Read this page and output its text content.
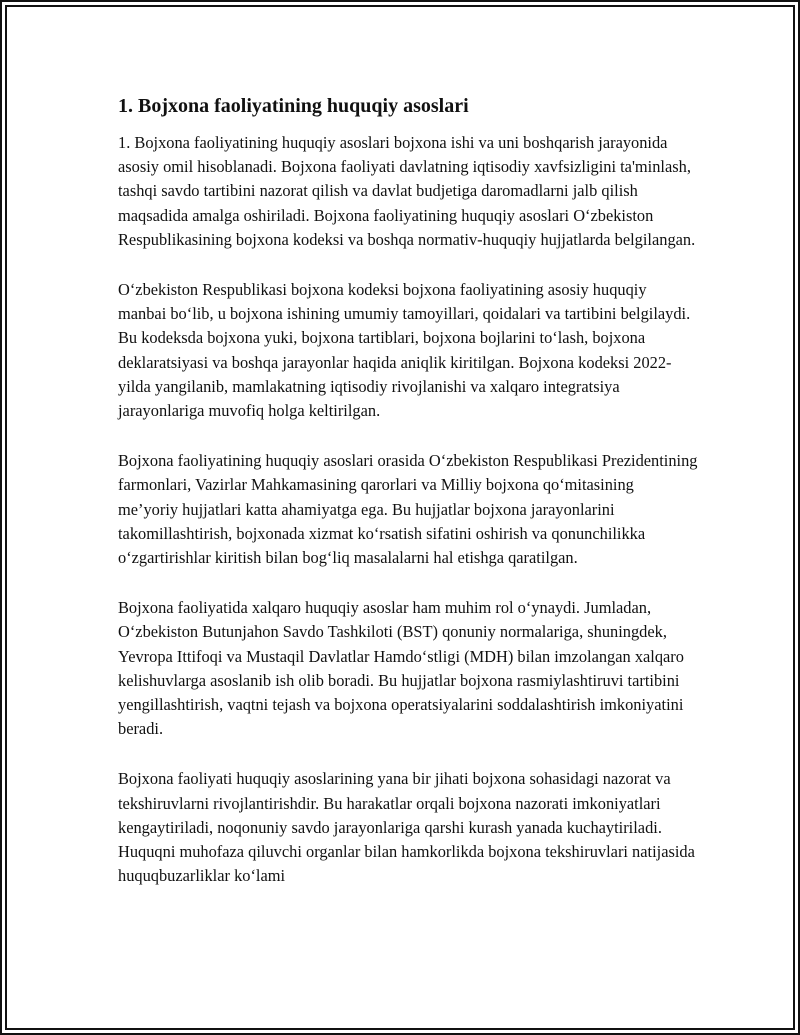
1. Bojxona faoliyatining huquqiy asoslari

1. Bojxona faoliyatining huquqiy asoslari bojxona ishi va uni boshqarish jarayonida asosiy omil hisoblanadi. Bojxona faoliyati davlatning iqtisodiy xavfsizligini ta'minlash, tashqi savdo tartibini nazorat qilish va davlat budjetiga daromadlarni jalb qilish maqsadida amalga oshiriladi. Bojxona faoliyatining huquqiy asoslari O‘zbekiston Respublikasining bojxona kodeksi va boshqa normativ-huquqiy hujjatlarda belgilangan.

O‘zbekiston Respublikasi bojxona kodeksi bojxona faoliyatining asosiy huquqiy manbai bo‘lib, u bojxona ishining umumiy tamoyillari, qoidalari va tartibini belgilaydi. Bu kodeksda bojxona yuki, bojxona tartiblari, bojxona bojlarini to‘lash, bojxona deklaratsiyasi va boshqa jarayonlar haqida aniqlik kiritilgan. Bojxona kodeksi 2022-yilda yangilanib, mamlakatning iqtisodiy rivojlanishi va xalqaro integratsiya jarayonlariga muvofiq holga keltirilgan.

Bojxona faoliyatining huquqiy asoslari orasida O‘zbekiston Respublikasi Prezidentining farmonlari, Vazirlar Mahkamasining qarorlari va Milliy bojxona qo‘mitasining me’yoriy hujjatlari katta ahamiyatga ega. Bu hujjatlar bojxona jarayonlarini takomillashtirish, bojxonada xizmat ko‘rsatish sifatini oshirish va qonunchilikka o‘zgartirishlar kiritish bilan bog‘liq masalalarni hal etishga qaratilgan.

Bojxona faoliyatida xalqaro huquqiy asoslar ham muhim rol o‘ynaydi. Jumladan, O‘zbekiston Butunjahon Savdo Tashkiloti (BST) qonuniy normalariga, shuningdek, Yevropa Ittifoqi va Mustaqil Davlatlar Hamdo‘stligi (MDH) bilan imzolangan xalqaro kelishuvlarga asoslanib ish olib boradi. Bu hujjatlar bojxona rasmiylashtiruvi tartibini yengillashtirish, vaqtni tejash va bojxona operatsiyalarini soddalashtirish imkoniyatini beradi.

Bojxona faoliyati huquqiy asoslarining yana bir jihati bojxona sohasidagi nazorat va tekshiruvlarni rivojlantirishdir. Bu harakatlar orqali bojxona nazorati imkoniyatlari kengaytiriladi, noqonuniy savdo jarayonlariga qarshi kurash yanada kuchaytiriladi. Huquqni muhofaza qiluvchi organlar bilan hamkorlikda bojxona tekshiruvlari natijasida huquqbuzarliklar ko‘lami
